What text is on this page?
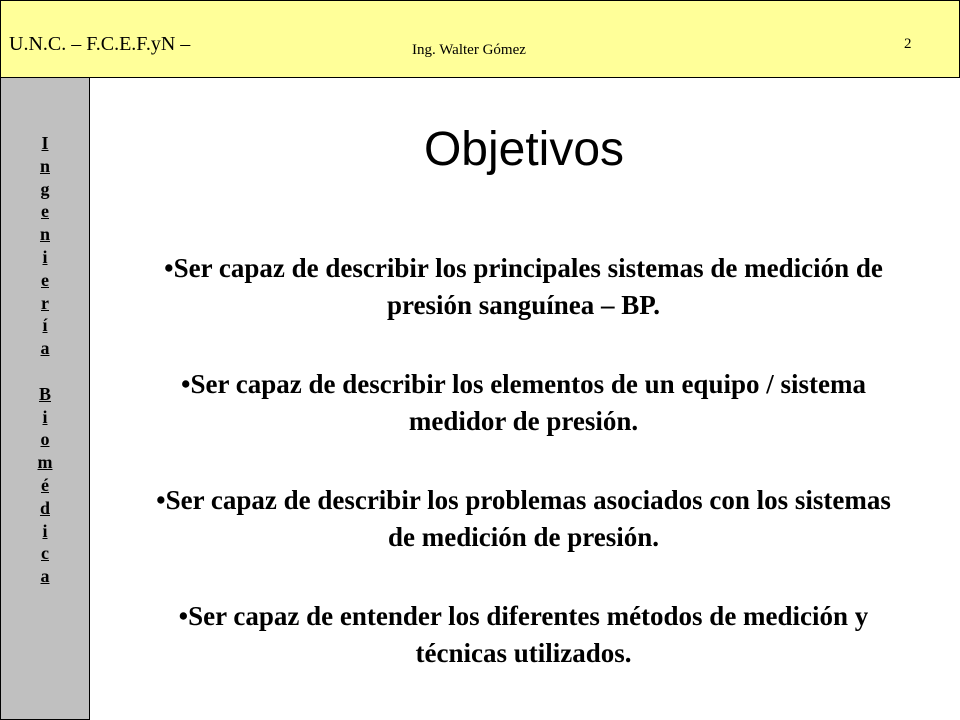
U.N.C. – F.C.E.F.yN –	Ing. Walter Gómez	2
I
n
g
e
n
i
e
r
í
a
B
i
o
m
é
d
i
c
a
Objetivos
•Ser capaz de describir los principales sistemas de medición de presión sanguínea – BP.
•Ser capaz de describir los elementos de un equipo / sistema medidor de presión.
•Ser capaz de describir los problemas asociados con los sistemas de medición de presión.
•Ser capaz de entender los diferentes métodos de medición y técnicas utilizados.
